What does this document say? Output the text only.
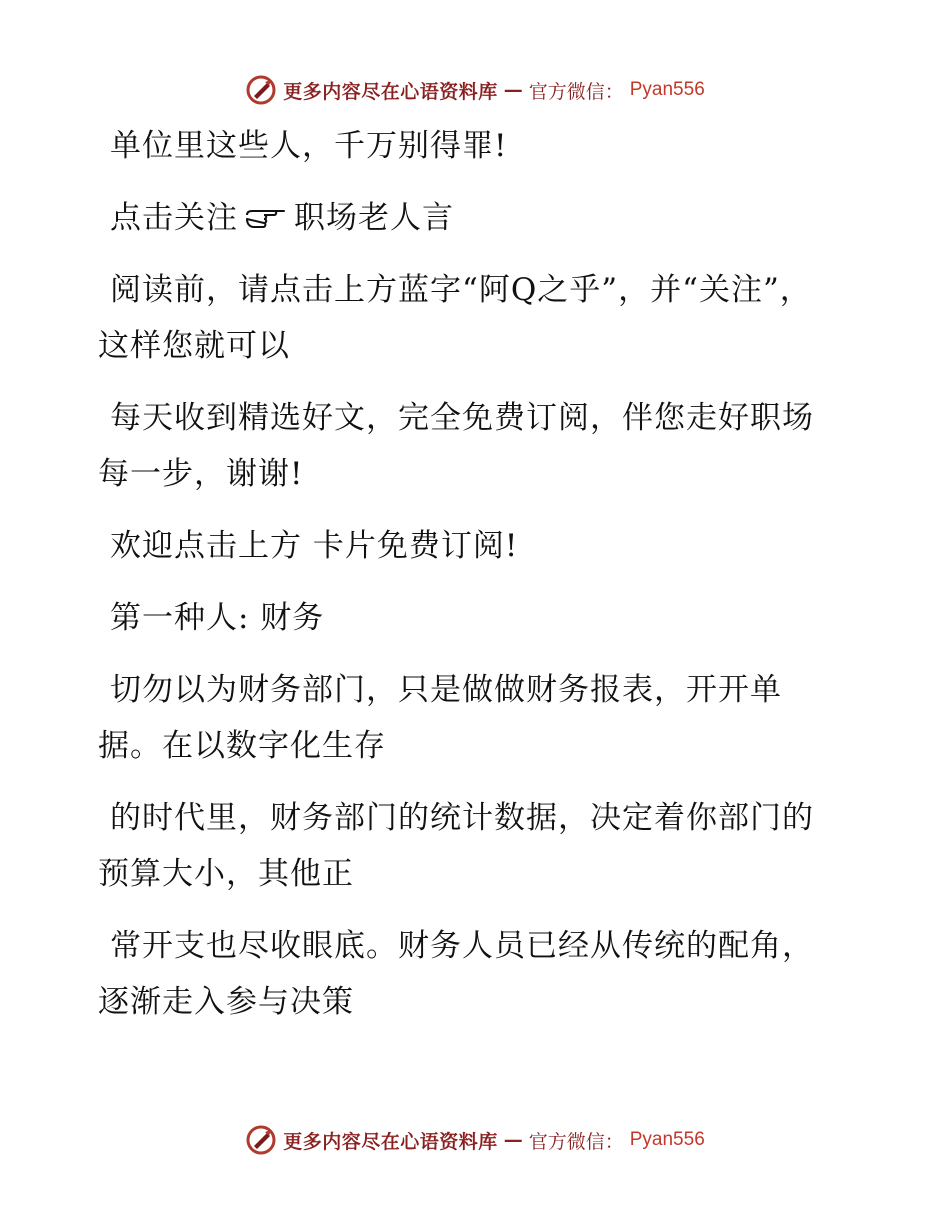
更多内容尽在心语资料库 — 官方微信： Pyan556

单位里这些人，千万别得罪!

点击关注 职场老人言

阅读前，请点击上方蓝字“阿Q之乎”，并“关注”，这样您就可以

每天收到精选好文，完全免费订阅，伴您走好职场每一步，谢谢!

欢迎点击上方 卡片免费订阅!

第一种人: 财务

切勿以为财务部门，只是做做财务报表，开开单据。在以数字化生存

的时代里，财务部门的统计数据，决定着你部门的预算大小，其他正

常开支也尽收眼底。财务人员已经从传统的配角，逐渐走入参与决策

更多内容尽在心语资料库 — 官方微信： Pyan556
